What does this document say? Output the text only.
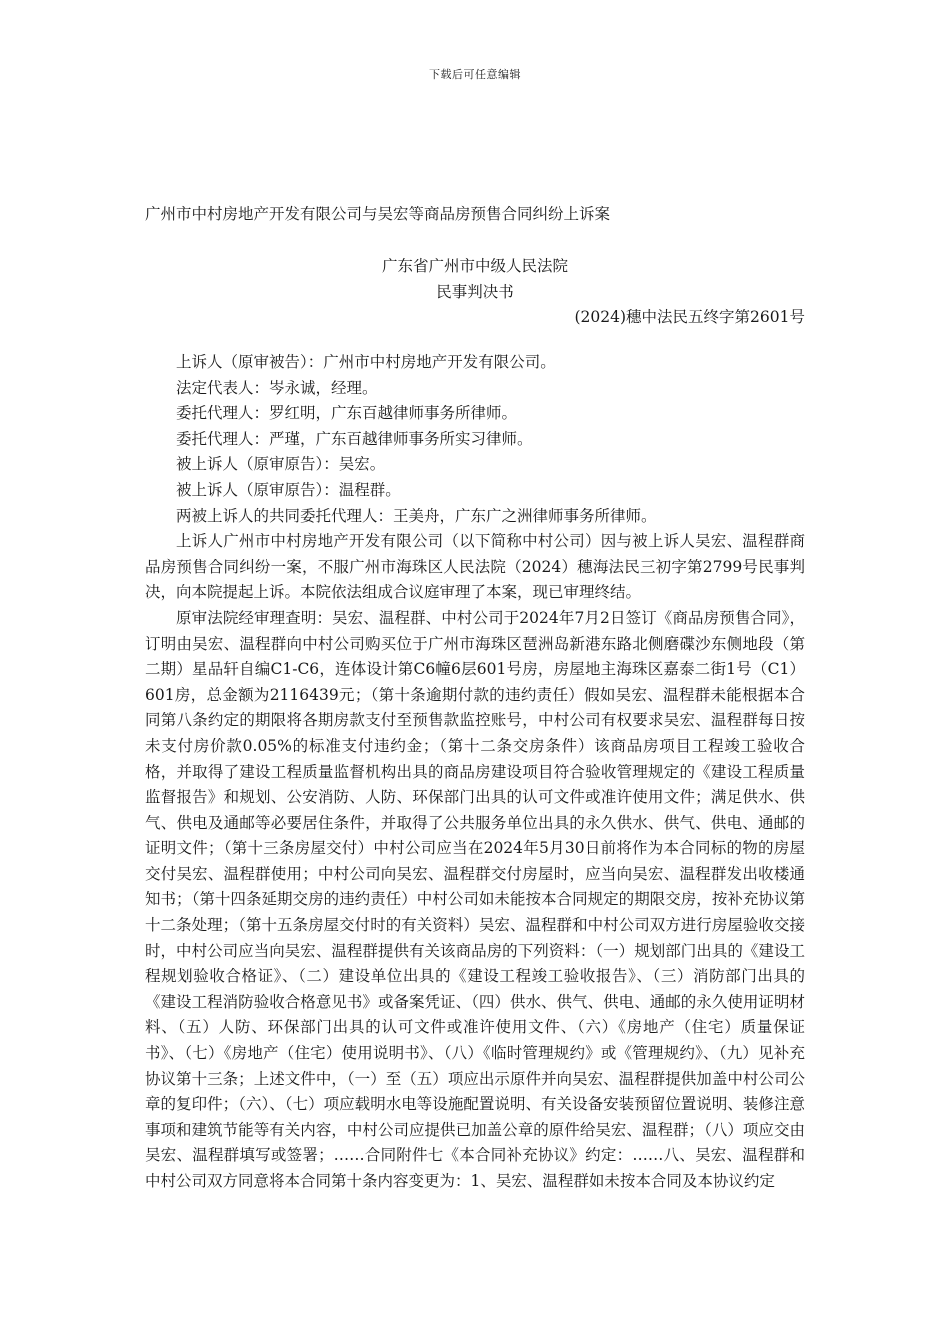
下载后可任意编辑
广州市中村房地产开发有限公司与吴宏等商品房预售合同纠纷上诉案
广东省广州市中级人民法院
民事判决书
(2024)穗中法民五终字第2601号

上诉人（原审被告）：广州市中村房地产开发有限公司。

法定代表人：岑永诚，经理。

委托代理人：罗红明，广东百越律师事务所律师。

委托代理人：严瑾，广东百越律师事务所实习律师。

被上诉人（原审原告）：吴宏。

被上诉人（原审原告）：温程群。

两被上诉人的共同委托代理人：王美舟，广东广之洲律师事务所律师。

上诉人广州市中村房地产开发有限公司（以下简称中村公司）因与被上诉人吴宏、温程群商品房预售合同纠纷一案，不服广州市海珠区人民法院（2024）穗海法民三初字第2799号民事判决，向本院提起上诉。本院依法组成合议庭审理了本案，现已审理终结。

原审法院经审理查明：吴宏、温程群、中村公司于2024年7月2日签订《商品房预售合同》，订明由吴宏、温程群向中村公司购买位于广州市海珠区琶洲岛新港东路北侧磨碟沙东侧地段（第二期）星品轩自编C1-C6，连体设计第C6幢6层601号房，房屋地主海珠区嘉泰二街1号（C1）601房，总金额为2116439元；（第十条逾期付款的违约责任）假如吴宏、温程群未能根据本合同第八条约定的期限将各期房款支付至预售款监控账号，中村公司有权要求吴宏、温程群每日按未支付房价款0.05%的标准支付违约金；（第十二条交房条件）该商品房项目工程竣工验收合格，并取得了建设工程质量监督机构出具的商品房建设项目符合验收管理规定的《建设工程质量监督报告》和规划、公安消防、人防、环保部门出具的认可文件或准许使用文件；满足供水、供气、供电及通邮等必要居住条件，并取得了公共服务单位出具的永久供水、供气、供电、通邮的证明文件；（第十三条房屋交付）中村公司应当在2024年5月30日前将作为本合同标的物的房屋交付吴宏、温程群使用；中村公司向吴宏、温程群交付房屋时，应当向吴宏、温程群发出收楼通知书；（第十四条延期交房的违约责任）中村公司如未能按本合同规定的期限交房，按补充协议第十二条处理；（第十五条房屋交付时的有关资料）吴宏、温程群和中村公司双方进行房屋验收交接时，中村公司应当向吴宏、温程群提供有关该商品房的下列资料：（一）规划部门出具的《建设工程规划验收合格证》、（二）建设单位出具的《建设工程竣工验收报告》、（三）消防部门出具的《建设工程消防验收合格意见书》或备案凭证、（四）供水、供气、供电、通邮的永久使用证明材料、（五）人防、环保部门出具的认可文件或准许使用文件、（六）《房地产（住宅）质量保证书》、（七）《房地产（住宅）使用说明书》、（八）《临时管理规约》或《管理规约》、（九）见补充协议第十三条；上述文件中，（一）至（五）项应出示原件并向吴宏、温程群提供加盖中村公司公章的复印件；（六）、（七）项应载明水电等设施配置说明、有关设备安装预留位置说明、装修注意事项和建筑节能等有关内容，中村公司应提供已加盖公章的原件给吴宏、温程群；（八）项应交由吴宏、温程群填写或签署；……合同附件七《本合同补充协议》约定：……八、吴宏、温程群和中村公司双方同意将本合同第十条内容变更为：1、吴宏、温程群如未按本合同及本协议约定
